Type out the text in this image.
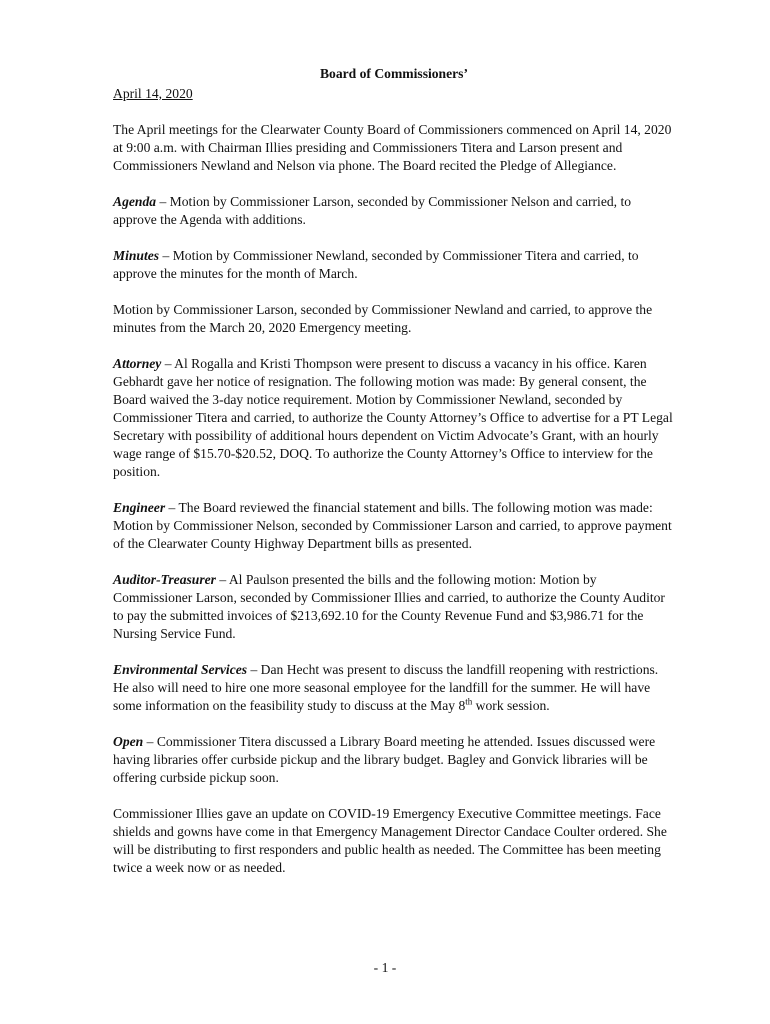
Board of Commissioners’
April 14, 2020

The April meetings for the Clearwater County Board of Commissioners commenced on April 14, 2020 at 9:00 a.m. with Chairman Illies presiding and Commissioners Titera and Larson present and Commissioners Newland and Nelson via phone. The Board recited the Pledge of Allegiance.

Agenda – Motion by Commissioner Larson, seconded by Commissioner Nelson and carried, to approve the Agenda with additions.

Minutes – Motion by Commissioner Newland, seconded by Commissioner Titera and carried, to approve the minutes for the month of March.

Motion by Commissioner Larson, seconded by Commissioner Newland and carried, to approve the minutes from the March 20, 2020 Emergency meeting.

Attorney – Al Rogalla and Kristi Thompson were present to discuss a vacancy in his office. Karen Gebhardt gave her notice of resignation. The following motion was made: By general consent, the Board waived the 3-day notice requirement. Motion by Commissioner Newland, seconded by Commissioner Titera and carried, to authorize the County Attorney’s Office to advertise for a PT Legal Secretary with possibility of additional hours dependent on Victim Advocate’s Grant, with an hourly wage range of $15.70-$20.52, DOQ. To authorize the County Attorney’s Office to interview for the position.

Engineer – The Board reviewed the financial statement and bills. The following motion was made: Motion by Commissioner Nelson, seconded by Commissioner Larson and carried, to approve payment of the Clearwater County Highway Department bills as presented.

Auditor-Treasurer – Al Paulson presented the bills and the following motion: Motion by Commissioner Larson, seconded by Commissioner Illies and carried, to authorize the County Auditor to pay the submitted invoices of $213,692.10 for the County Revenue Fund and $3,986.71 for the Nursing Service Fund.

Environmental Services – Dan Hecht was present to discuss the landfill reopening with restrictions. He also will need to hire one more seasonal employee for the landfill for the summer. He will have some information on the feasibility study to discuss at the May 8th work session.

Open – Commissioner Titera discussed a Library Board meeting he attended. Issues discussed were having libraries offer curbside pickup and the library budget. Bagley and Gonvick libraries will be offering curbside pickup soon.

Commissioner Illies gave an update on COVID-19 Emergency Executive Committee meetings. Face shields and gowns have come in that Emergency Management Director Candace Coulter ordered. She will be distributing to first responders and public health as needed. The Committee has been meeting twice a week now or as needed.

- 1 -
